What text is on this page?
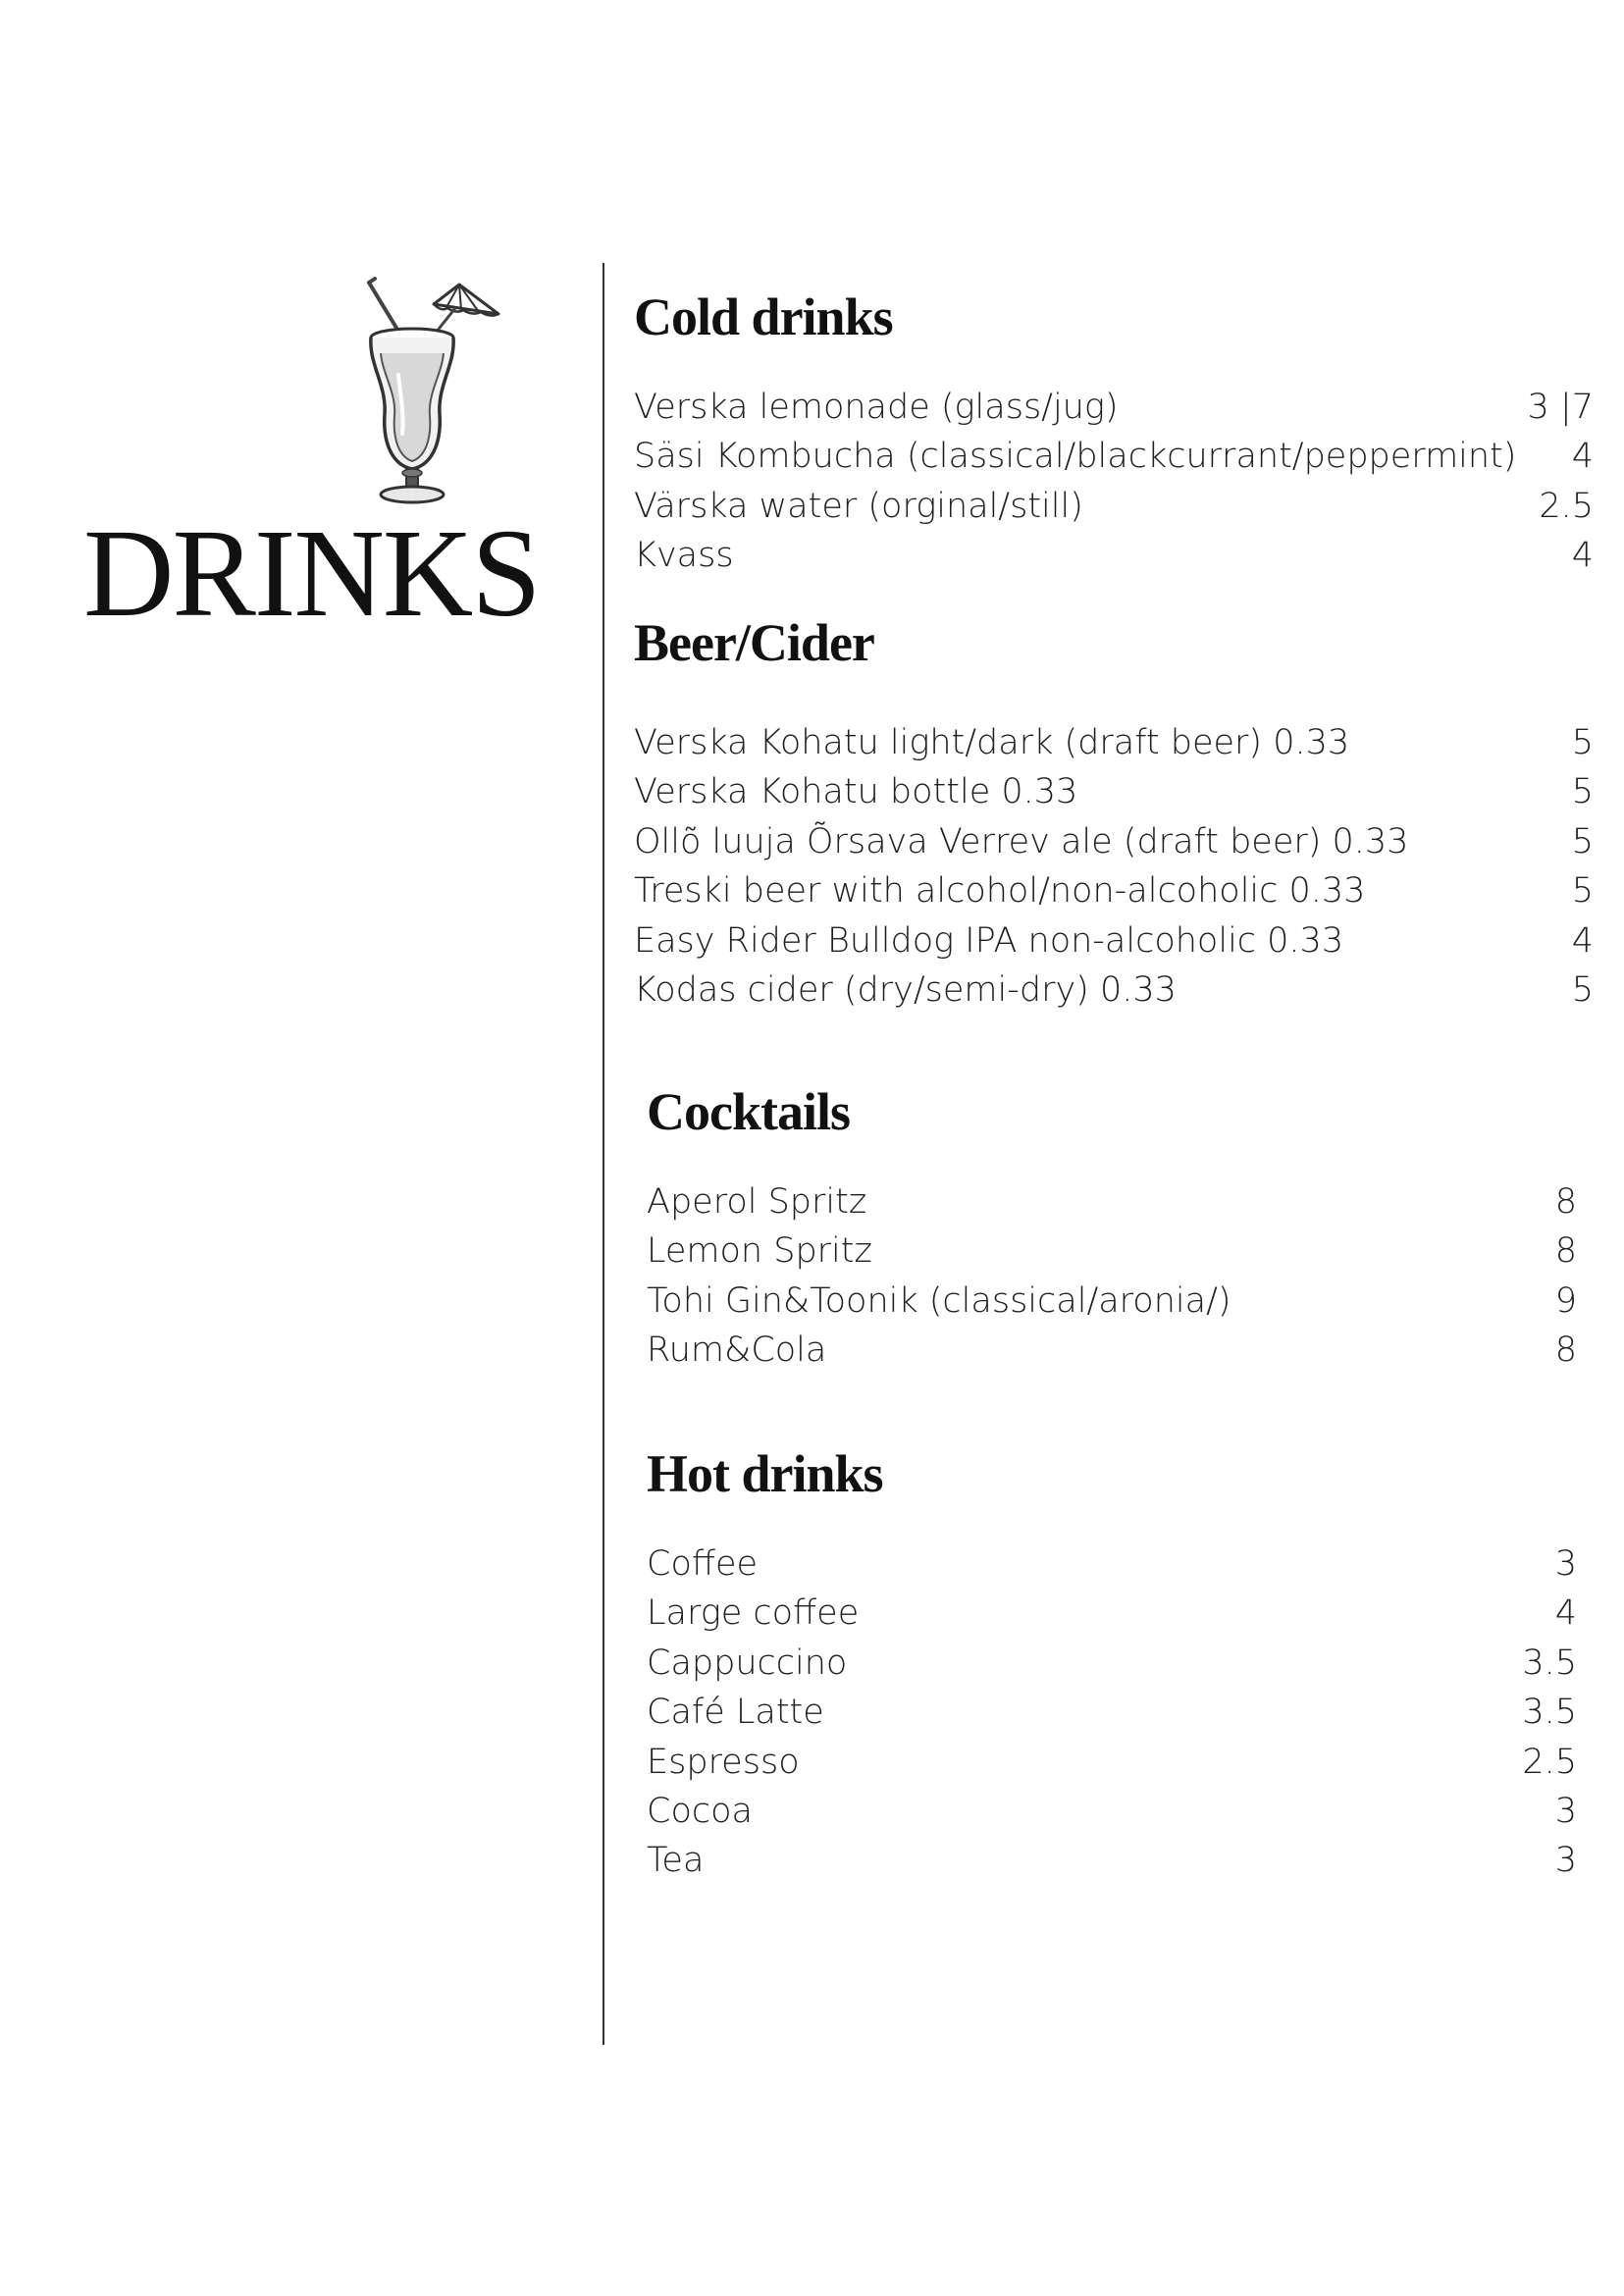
DRINKS
Cold drinks
Verska lemonade (glass/jug)	3 |7
Säsi Kombucha (classical/blackcurrant/peppermint)	4
Värska water (orginal/still)	2.5
Kvass	4
Beer/Cider
Verska Kohatu light/dark (draft beer) 0.33	5
Verska Kohatu bottle 0.33	5
Ollõ luuja Õrsava Verrev ale (draft beer) 0.33	5
Treski beer with alcohol/non-alcoholic 0.33	5
Easy Rider Bulldog IPA non-alcoholic 0.33	4
Kodas cider (dry/semi-dry) 0.33	5
Cocktails
Aperol Spritz	8
Lemon Spritz	8
Tohi Gin&Toonik (classical/aronia/)	9
Rum&Cola	8
Hot drinks
Coffee	3
Large coffee	4
Cappuccino	3.5
Café Latte	3.5
Espresso	2.5
Cocoa	3
Tea	3
